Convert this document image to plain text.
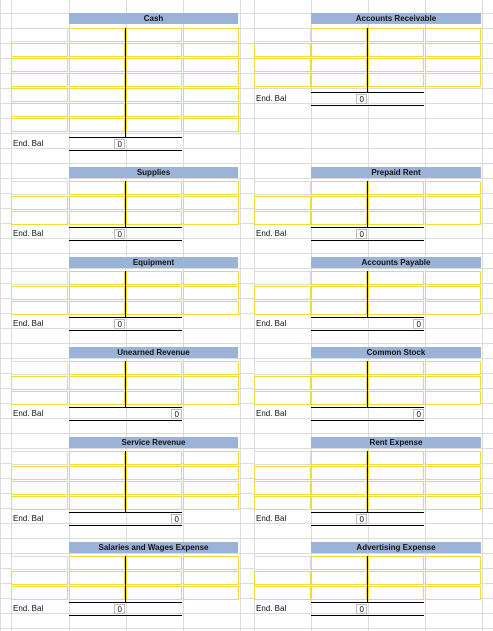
Cash
End. Bal	0
Accounts Receivable
End. Bal	0
Supplies
End. Bal	0
Prepaid Rent
End. Bal	0
Equipment
End. Bal	0
Accounts Payable
End. Bal	0
Unearned Revenue
End. Bal	0
Common Stock
End. Bal	0
Service Revenue
End. Bal	0
Rent Expense
End. Bal	0
Salaries and Wages Expense
End. Bal	0
Advertising Expense
End. Bal	0
